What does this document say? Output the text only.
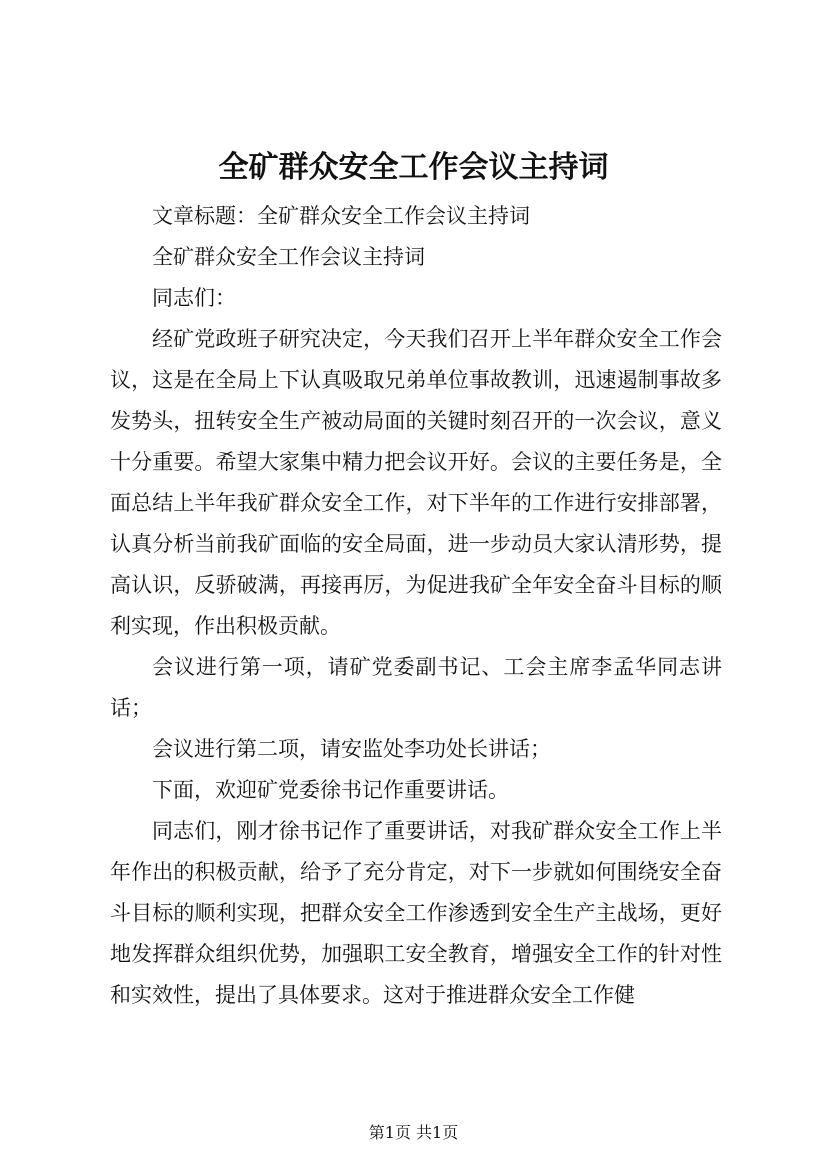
全矿群众安全工作会议主持词

文章标题：全矿群众安全工作会议主持词

全矿群众安全工作会议主持词

同志们：

经矿党政班子研究决定，今天我们召开上半年群众安全工作会议，这是在全局上下认真吸取兄弟单位事故教训，迅速遏制事故多发势头，扭转安全生产被动局面的关键时刻召开的一次会议，意义十分重要。希望大家集中精力把会议开好。会议的主要任务是，全面总结上半年我矿群众安全工作，对下半年的工作进行安排部署，认真分析当前我矿面临的安全局面，进一步动员大家认清形势，提高认识，反骄破满，再接再厉，为促进我矿全年安全奋斗目标的顺利实现，作出积极贡献。

会议进行第一项，请矿党委副书记、工会主席李孟华同志讲话；

会议进行第二项，请安监处李功处长讲话；

下面，欢迎矿党委徐书记作重要讲话。

同志们，刚才徐书记作了重要讲话，对我矿群众安全工作上半年作出的积极贡献，给予了充分肯定，对下一步就如何围绕安全奋斗目标的顺利实现，把群众安全工作渗透到安全生产主战场，更好地发挥群众组织优势，加强职工安全教育，增强安全工作的针对性和实效性，提出了具体要求。这对于推进群众安全工作健

第1页 共1页
